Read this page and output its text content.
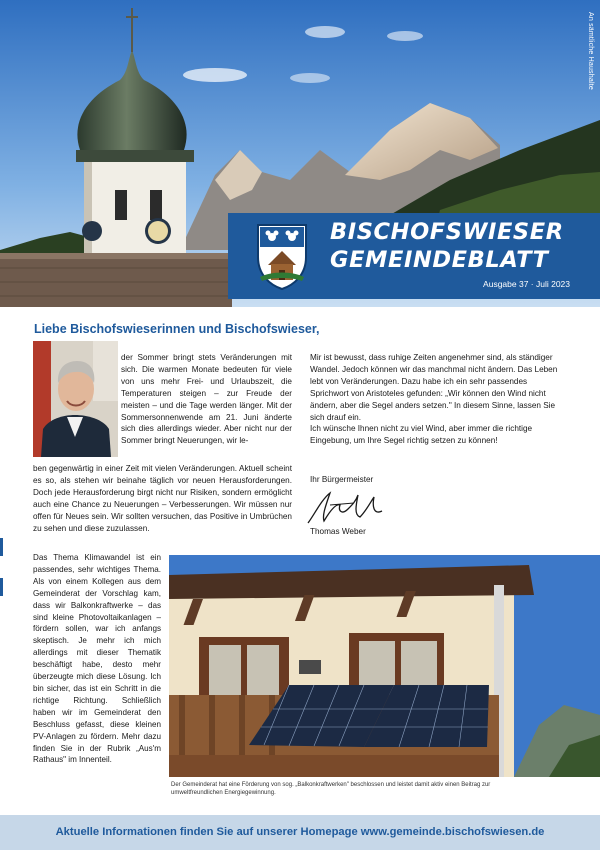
An sämtliche Haushalte
BISCHOFSWIESER
GEMEINDEBLATT
Ausgabe 37 · Juli 2023
Liebe Bischofswieserinnen und Bischofswieser,
der Sommer bringt stets Veränderungen mit sich. Die warmen Monate bedeuten für viele von uns mehr Frei- und Urlaubszeit, die Temperaturen steigen – zur Freude der meisten – und die Tage werden länger. Mit der Sommersonnenwende am 21. Juni änderte sich dies allerdings wieder. Aber nicht nur der Sommer bringt Neuerungen, wir le-
ben gegenwärtig in einer Zeit mit vielen Veränderungen. Aktuell scheint es so, als stehen wir beinahe täglich vor neuen Herausforderungen. Doch jede Herausforderung birgt nicht nur Risiken, sondern ermöglicht auch eine Chance zu Neuerungen – Verbesserungen. Wir müssen nur offen für Neues sein. Wir sollten versuchen, das Positive in Umbrüchen zu sehen und diese zuzulassen.
Mir ist bewusst, dass ruhige Zeiten angenehmer sind, als ständiger Wandel. Jedoch können wir das manchmal nicht ändern. Das Leben lebt von Veränderungen. Dazu habe ich ein sehr passendes Sprichwort von Aristoteles gefunden: „Wir können den Wind nicht ändern, aber die Segel anders setzen." In diesem Sinne, lassen Sie sich drauf ein.
Ich wünsche Ihnen nicht zu viel Wind, aber immer die richtige Eingebung, um Ihre Segel richtig setzen zu können!
Ihr Bürgermeister
Thomas Weber
Das Thema Klimawandel ist ein passendes, sehr wichtiges Thema. Als von einem Kollegen aus dem Gemeinderat der Vorschlag kam, dass wir Balkonkraftwerke – das sind kleine Photovoltaikanlagen – fördern sollen, war ich anfangs skeptisch. Je mehr ich mich allerdings mit dieser Thematik beschäftigt habe, desto mehr überzeugte mich diese Lösung. Ich bin sicher, das ist ein Schritt in die richtige Richtung. Schließlich haben wir im Gemeinderat den Beschluss gefasst, diese kleinen PV-Anlagen zu fördern. Mehr dazu finden Sie in der Rubrik „Aus'm Rathaus" im Innenteil.
Der Gemeinderat hat eine Förderung von sog. „Balkonkraftwerken" beschlossen und leistet damit aktiv einen Beitrag zur umweltfreundlichen Energiegewinnung.
Aktuelle Informationen finden Sie auf unserer Homepage www.gemeinde.bischofswiesen.de
